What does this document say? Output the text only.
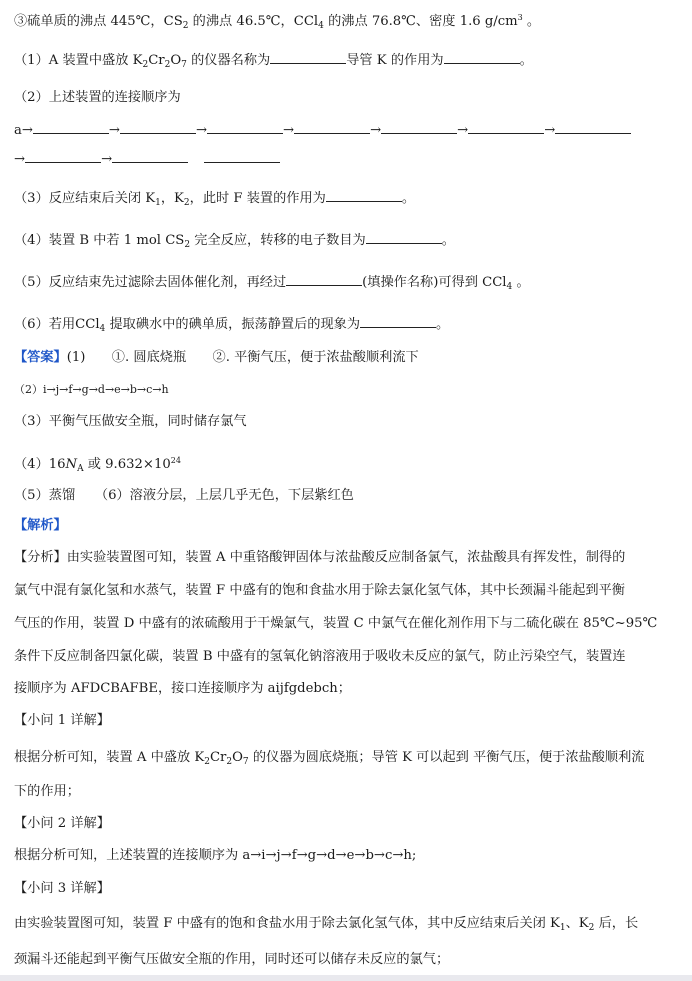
③硫单质的沸点 445℃，$CS_2$ 的沸点 46.5℃，CCl$_4$ 的沸点 76.8℃、密度 1.6 $g/cm^3$ 。
（1）A 装置中盛放 $K_2Cr_2O_7$ 的仪器名称为	导管 K 的作用为	。
（2）上述装置的连接顺序为
a→	→	→	→	→	→	→
→	→
（3）反应结束后关闭 $K_1$，$K_2$，此时 F 装置的作用为	。
（4）装置 B 中若 1 mol $CS_2$ 完全反应，转移的电子数目为	。
（5）反应结束先过滤除去固体催化剂，再经过	(填操作名称)可得到 CCl$_4$ 。
（6）若用CCl$_4$ 提取碘水中的碘单质，振荡静置后的现象为	。
【答案】(1)　　①. 圆底烧瓶　　②. 平衡气压，便于浓盐酸顺利流下
（2）i→j→f→g→d→e→b→c→h
（3）平衡气压做安全瓶，同时储存氯气
$(4)16N_A$ 或 $9.632\times 10^{24}$
（5）蒸馏　　（6）溶液分层，上层几乎无色，下层紫红色
【解析】
【分析】由实验装置图可知，装置 A 中重铬酸钾固体与浓盐酸反应制备氯气，浓盐酸具有挥发性，制得的
氯气中混有氯化氢和水蒸气，装置 F 中盛有的饱和食盐水用于除去氯化氢气体，其中长颈漏斗能起到平衡
气压的作用，装置 D 中盛有的浓硫酸用于干燥氯气，装置 C 中氯气在催化剂作用下与二硫化碳在 85℃~95℃
条件下反应制备四氯化碳，装置 B 中盛有的氢氧化钠溶液用于吸收未反应的氯气，防止污染空气，装置连
接顺序为 AFDCBAFBE，接口连接顺序为 aijfgdebch；
【小问 1 详解】
根据分析可知，装置 A 中盛放 $K_2Cr_2O_7$ 的仪器为圆底烧瓶；导管 K 可以起到 平衡气压，便于浓盐酸顺利流
下的作用；
【小问 2 详解】
根据分析可知，上述装置的连接顺序为 a→i→j→f→g→d→e→b→c→h;
【小问 3 详解】
由实验装置图可知，装置 F 中盛有的饱和食盐水用于除去氯化氢气体，其中反应结束后关闭 $K_1$、$K_2$ 后，长
颈漏斗还能起到平衡气压做安全瓶的作用，同时还可以储存未反应的氯气；
